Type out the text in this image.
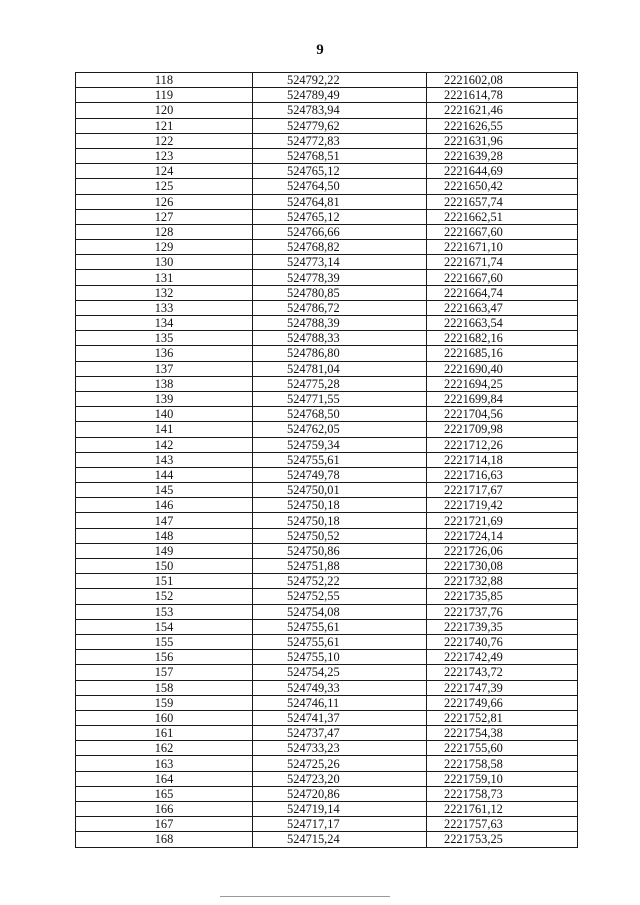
9
118	524792,22	2221602,08
119	524789,49	2221614,78
120	524783,94	2221621,46
121	524779,62	2221626,55
122	524772,83	2221631,96
123	524768,51	2221639,28
124	524765,12	2221644,69
125	524764,50	2221650,42
126	524764,81	2221657,74
127	524765,12	2221662,51
128	524766,66	2221667,60
129	524768,82	2221671,10
130	524773,14	2221671,74
131	524778,39	2221667,60
132	524780,85	2221664,74
133	524786,72	2221663,47
134	524788,39	2221663,54
135	524788,33	2221682,16
136	524786,80	2221685,16
137	524781,04	2221690,40
138	524775,28	2221694,25
139	524771,55	2221699,84
140	524768,50	2221704,56
141	524762,05	2221709,98
142	524759,34	2221712,26
143	524755,61	2221714,18
144	524749,78	2221716,63
145	524750,01	2221717,67
146	524750,18	2221719,42
147	524750,18	2221721,69
148	524750,52	2221724,14
149	524750,86	2221726,06
150	524751,88	2221730,08
151	524752,22	2221732,88
152	524752,55	2221735,85
153	524754,08	2221737,76
154	524755,61	2221739,35
155	524755,61	2221740,76
156	524755,10	2221742,49
157	524754,25	2221743,72
158	524749,33	2221747,39
159	524746,11	2221749,66
160	524741,37	2221752,81
161	524737,47	2221754,38
162	524733,23	2221755,60
163	524725,26	2221758,58
164	524723,20	2221759,10
165	524720,86	2221758,73
166	524719,14	2221761,12
167	524717,17	2221757,63
168	524715,24	2221753,25
